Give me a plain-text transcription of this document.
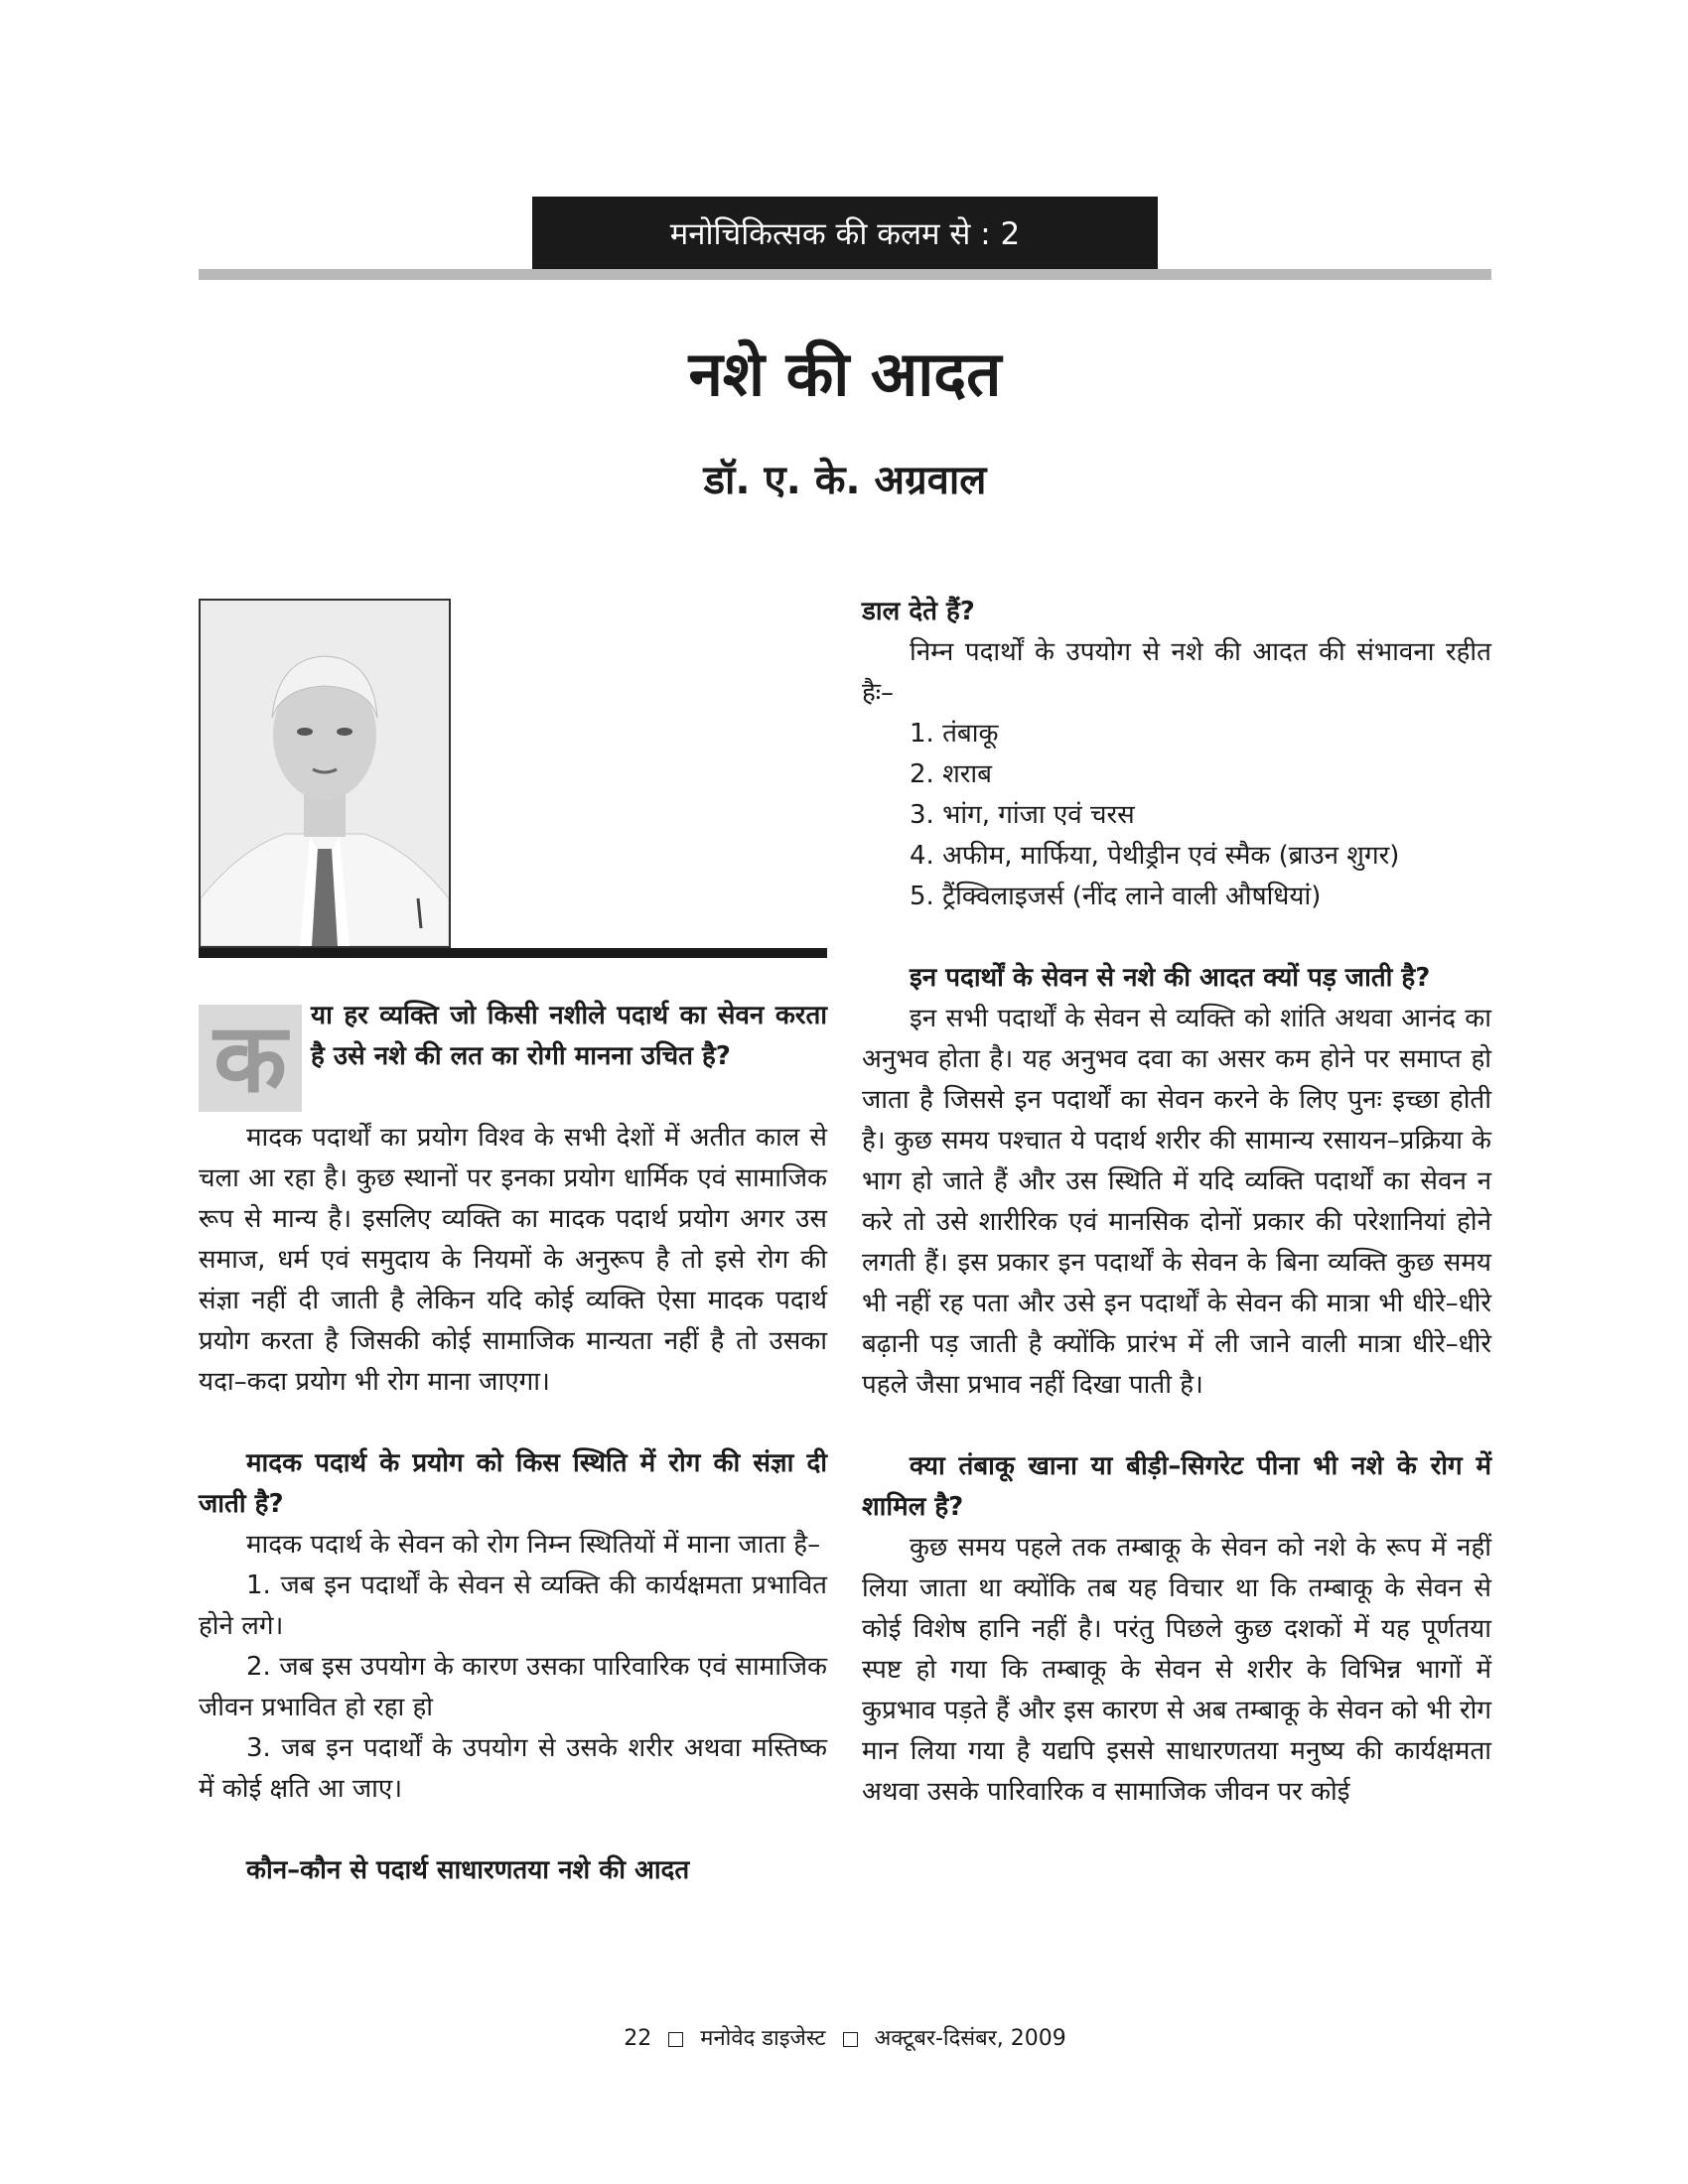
मनोचिकित्सक की कलम से : 2
नशे की आदत
डॉ. ए. के. अग्रवाल
क या हर व्यक्ति जो किसी नशीले पदार्थ का सेवन करता है उसे नशे की लत का रोगी मानना उचित है?

मादक पदार्थों का प्रयोग विश्व के सभी देशों में अतीत काल से चला आ रहा है। कुछ स्थानों पर इनका प्रयोग धार्मिक एवं सामाजिक रूप से मान्य है। इसलिए व्यक्ति का मादक पदार्थ प्रयोग अगर उस समाज, धर्म एवं समुदाय के नियमों के अनुरूप है तो इसे रोग की संज्ञा नहीं दी जाती है लेकिन यदि कोई व्यक्ति ऐसा मादक पदार्थ प्रयोग करता है जिसकी कोई सामाजिक मान्यता नहीं है तो उसका यदा–कदा प्रयोग भी रोग माना जाएगा।

मादक पदार्थ के प्रयोग को किस स्थिति में रोग की संज्ञा दी जाती है?

मादक पदार्थ के सेवन को रोग निम्न स्थितियों में माना जाता है–

1. जब इन पदार्थों के सेवन से व्यक्ति की कार्यक्षमता प्रभावित होने लगे।

2. जब इस उपयोग के कारण उसका पारिवारिक एवं सामाजिक जीवन प्रभावित हो रहा हो

3. जब इन पदार्थों के उपयोग से उसके शरीर अथवा मस्तिष्क में कोई क्षति आ जाए।

कौन–कौन से पदार्थ साधारणतया नशे की आदत

डाल देते हैं?

निम्न पदार्थों के उपयोग से नशे की आदत की संभावना रहीत हैः–

1. तंबाकू

2. शराब

3. भांग, गांजा एवं चरस

4. अफीम, मार्फिया, पेथीड्रीन एवं स्मैक (ब्राउन शुगर)

5. ट्रैंक्विलाइजर्स (नींद लाने वाली औषधियां)

इन पदार्थों के सेवन से नशे की आदत क्यों पड़ जाती है?

इन सभी पदार्थों के सेवन से व्यक्ति को शांति अथवा आनंद का अनुभव होता है। यह अनुभव दवा का असर कम होने पर समाप्त हो जाता है जिससे इन पदार्थों का सेवन करने के लिए पुनः इच्छा होती है। कुछ समय पश्चात ये पदार्थ शरीर की सामान्य रसायन–प्रक्रिया के भाग हो जाते हैं और उस स्थिति में यदि व्यक्ति पदार्थों का सेवन न करे तो उसे शारीरिक एवं मानसिक दोनों प्रकार की परेशानियां होने लगती हैं। इस प्रकार इन पदार्थों के सेवन के बिना व्यक्ति कुछ समय भी नहीं रह पता और उसे इन पदार्थों के सेवन की मात्रा भी धीरे–धीरे बढ़ानी पड़ जाती है क्योंकि प्रारंभ में ली जाने वाली मात्रा धीरे–धीरे पहले जैसा प्रभाव नहीं दिखा पाती है।

क्या तंबाकू खाना या बीड़ी–सिगरेट पीना भी नशे के रोग में शामिल है?

कुछ समय पहले तक तम्बाकू के सेवन को नशे के रूप में नहीं लिया जाता था क्योंकि तब यह विचार था कि तम्बाकू के सेवन से कोई विशेष हानि नहीं है। परंतु पिछले कुछ दशकों में यह पूर्णतया स्पष्ट हो गया कि तम्बाकू के सेवन से शरीर के विभिन्न भागों में कुप्रभाव पड़ते हैं और इस कारण से अब तम्बाकू के सेवन को भी रोग मान लिया गया है यद्यपि इससे साधारणतया मनुष्य की कार्यक्षमता अथवा उसके पारिवारिक व सामाजिक जीवन पर कोई

22 मनोवेद डाइजेस्ट अक्टूबर-दिसंबर, 2009
